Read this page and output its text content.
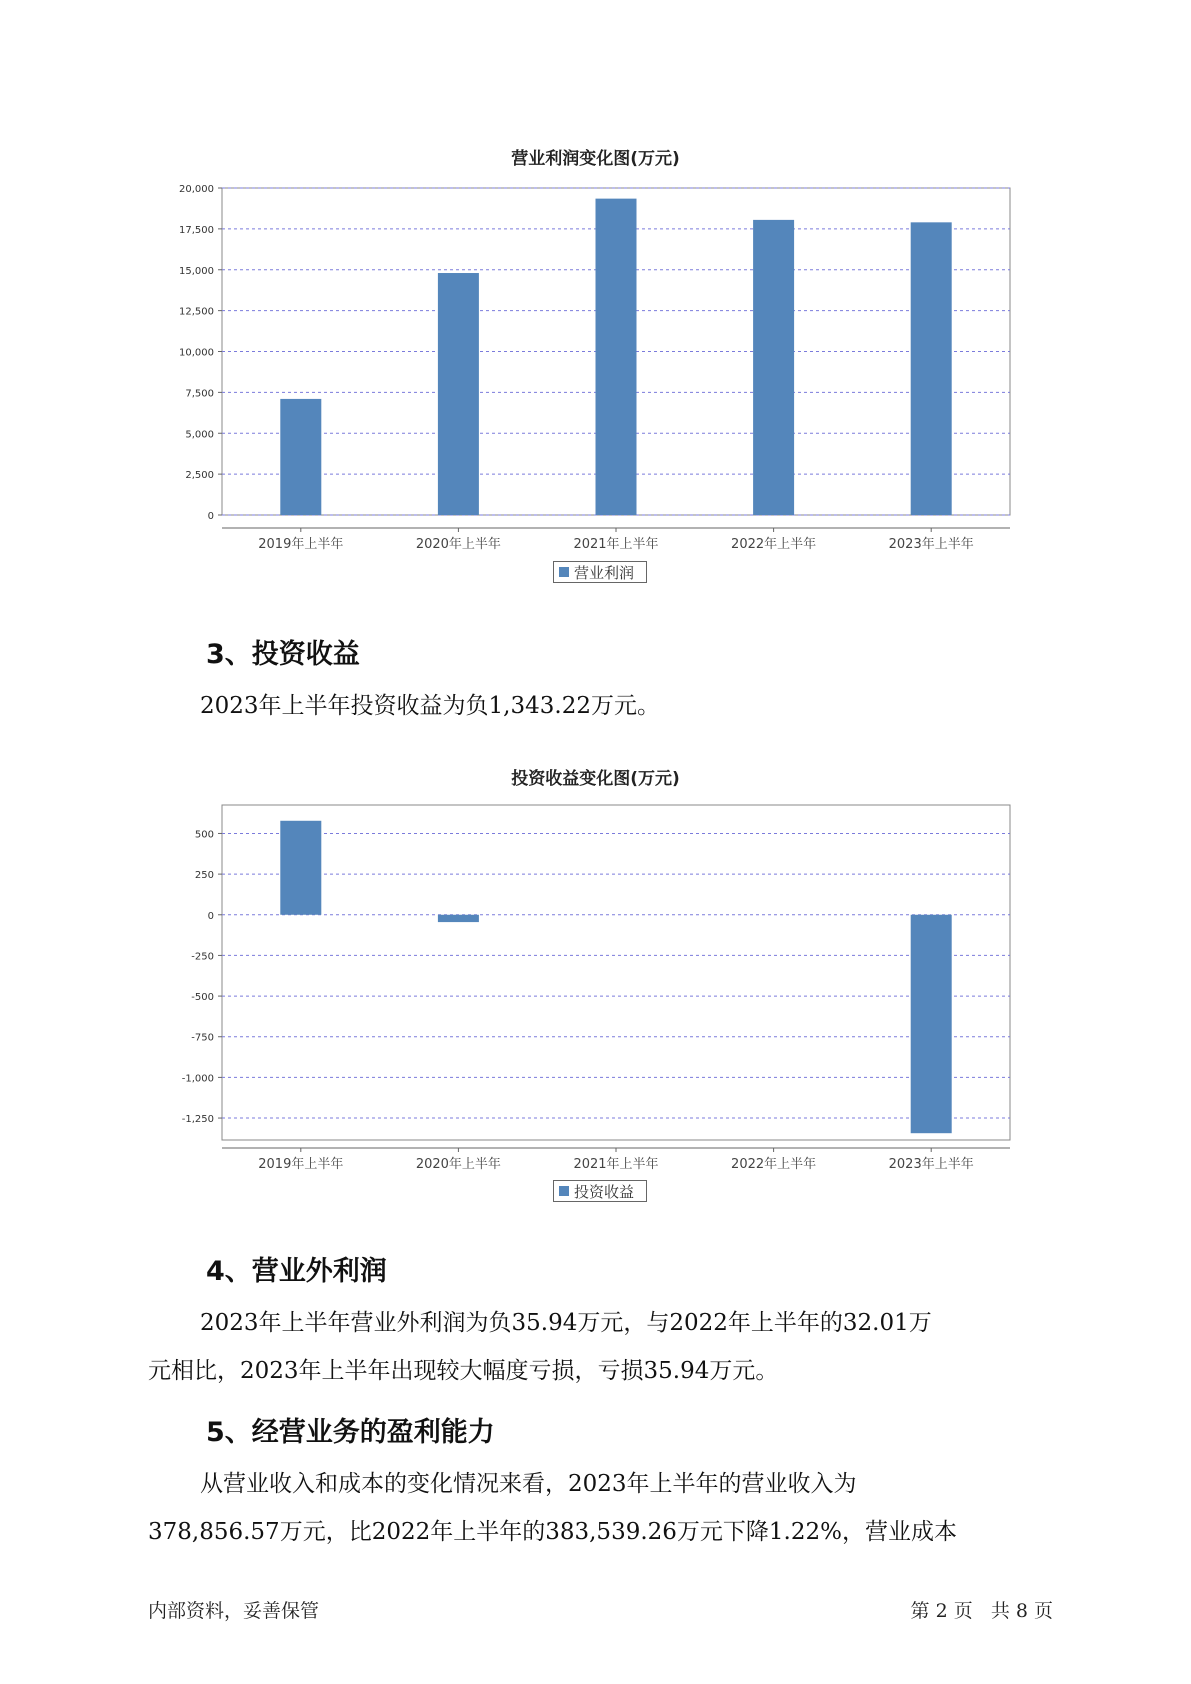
营业利润变化图(万元)
0
2,500
5,000
7,500
10,000
12,500
15,000
17,500
20,000
2019年上半年	2020年上半年	2021年上半年	2022年上半年	2023年上半年
营业利润
3、投资收益
2023年上半年投资收益为负1,343.22万元。
投资收益变化图(万元)
-1,250
-1,000
-750
-500
-250
0
250
500
2019年上半年	2020年上半年	2021年上半年	2022年上半年	2023年上半年
投资收益
4、营业外利润
2023年上半年营业外利润为负35.94万元，与2022年上半年的32.01万
元相比，2023年上半年出现较大幅度亏损，亏损35.94万元。
5、经营业务的盈利能力
从营业收入和成本的变化情况来看，2023年上半年的营业收入为
378,856.57万元，比2022年上半年的383,539.26万元下降1.22%，营业成本
内部资料，妥善保管	第 2 页   共 8 页
